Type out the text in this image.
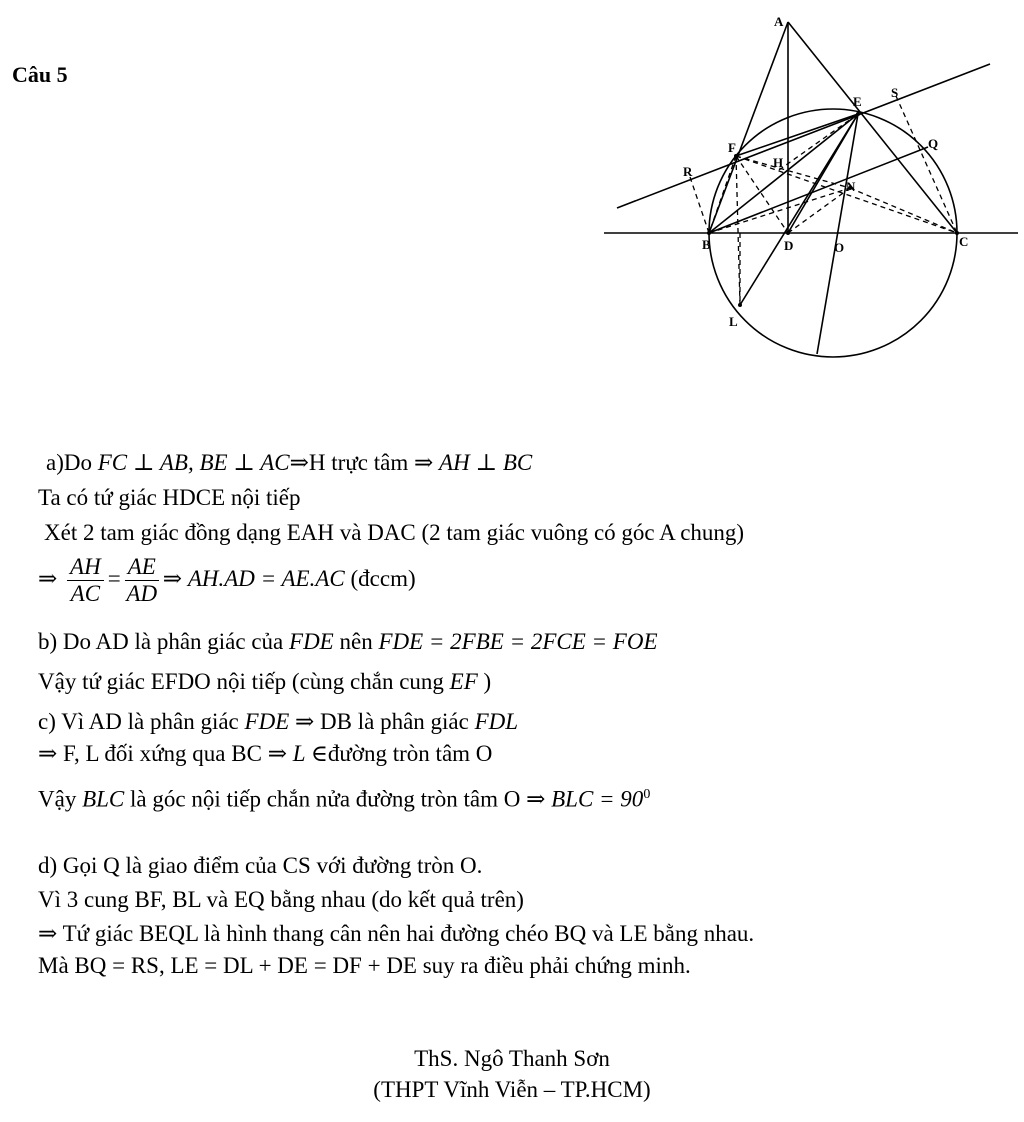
Câu 5
A
E
S
F
H
Q
R
N
B	D	O	C
L
a)Do FC ⊥ AB, BE ⊥ AC⇒H trực tâm ⇒ AH ⊥ BC
Ta có tứ giác HDCE nội tiếp
Xét 2 tam giác đồng dạng EAH và DAC (2 tam giác vuông có góc A chung)
⇒ $\frac{AH}{AC} = \frac{AE}{AD}$ ⇒ AH.AD = AE.AC (đccm)
b) Do AD là phân giác của FDE nên FDE = 2FBE = 2FCE = FOE
Vậy tứ giác EFDO nội tiếp (cùng chắn cung EF )
c) Vì AD là phân giác FDE ⇒ DB là phân giác FDL
⇒ F, L đối xứng qua BC ⇒ L ∈đường tròn tâm O
Vậy BLC là góc nội tiếp chắn nửa đường tròn tâm O ⇒ BLC = $90^0$
d) Gọi Q là giao điểm của CS với đường tròn O.
Vì 3 cung BF, BL và EQ bằng nhau (do kết quả trên)
⇒ Tứ giác BEQL là hình thang cân nên hai đường chéo BQ và LE bằng nhau.
Mà BQ = RS, LE = DL + DE = DF + DE suy ra điều phải chứng minh.
ThS. Ngô Thanh Sơn
(THPT Vĩnh Viễn – TP.HCM)
